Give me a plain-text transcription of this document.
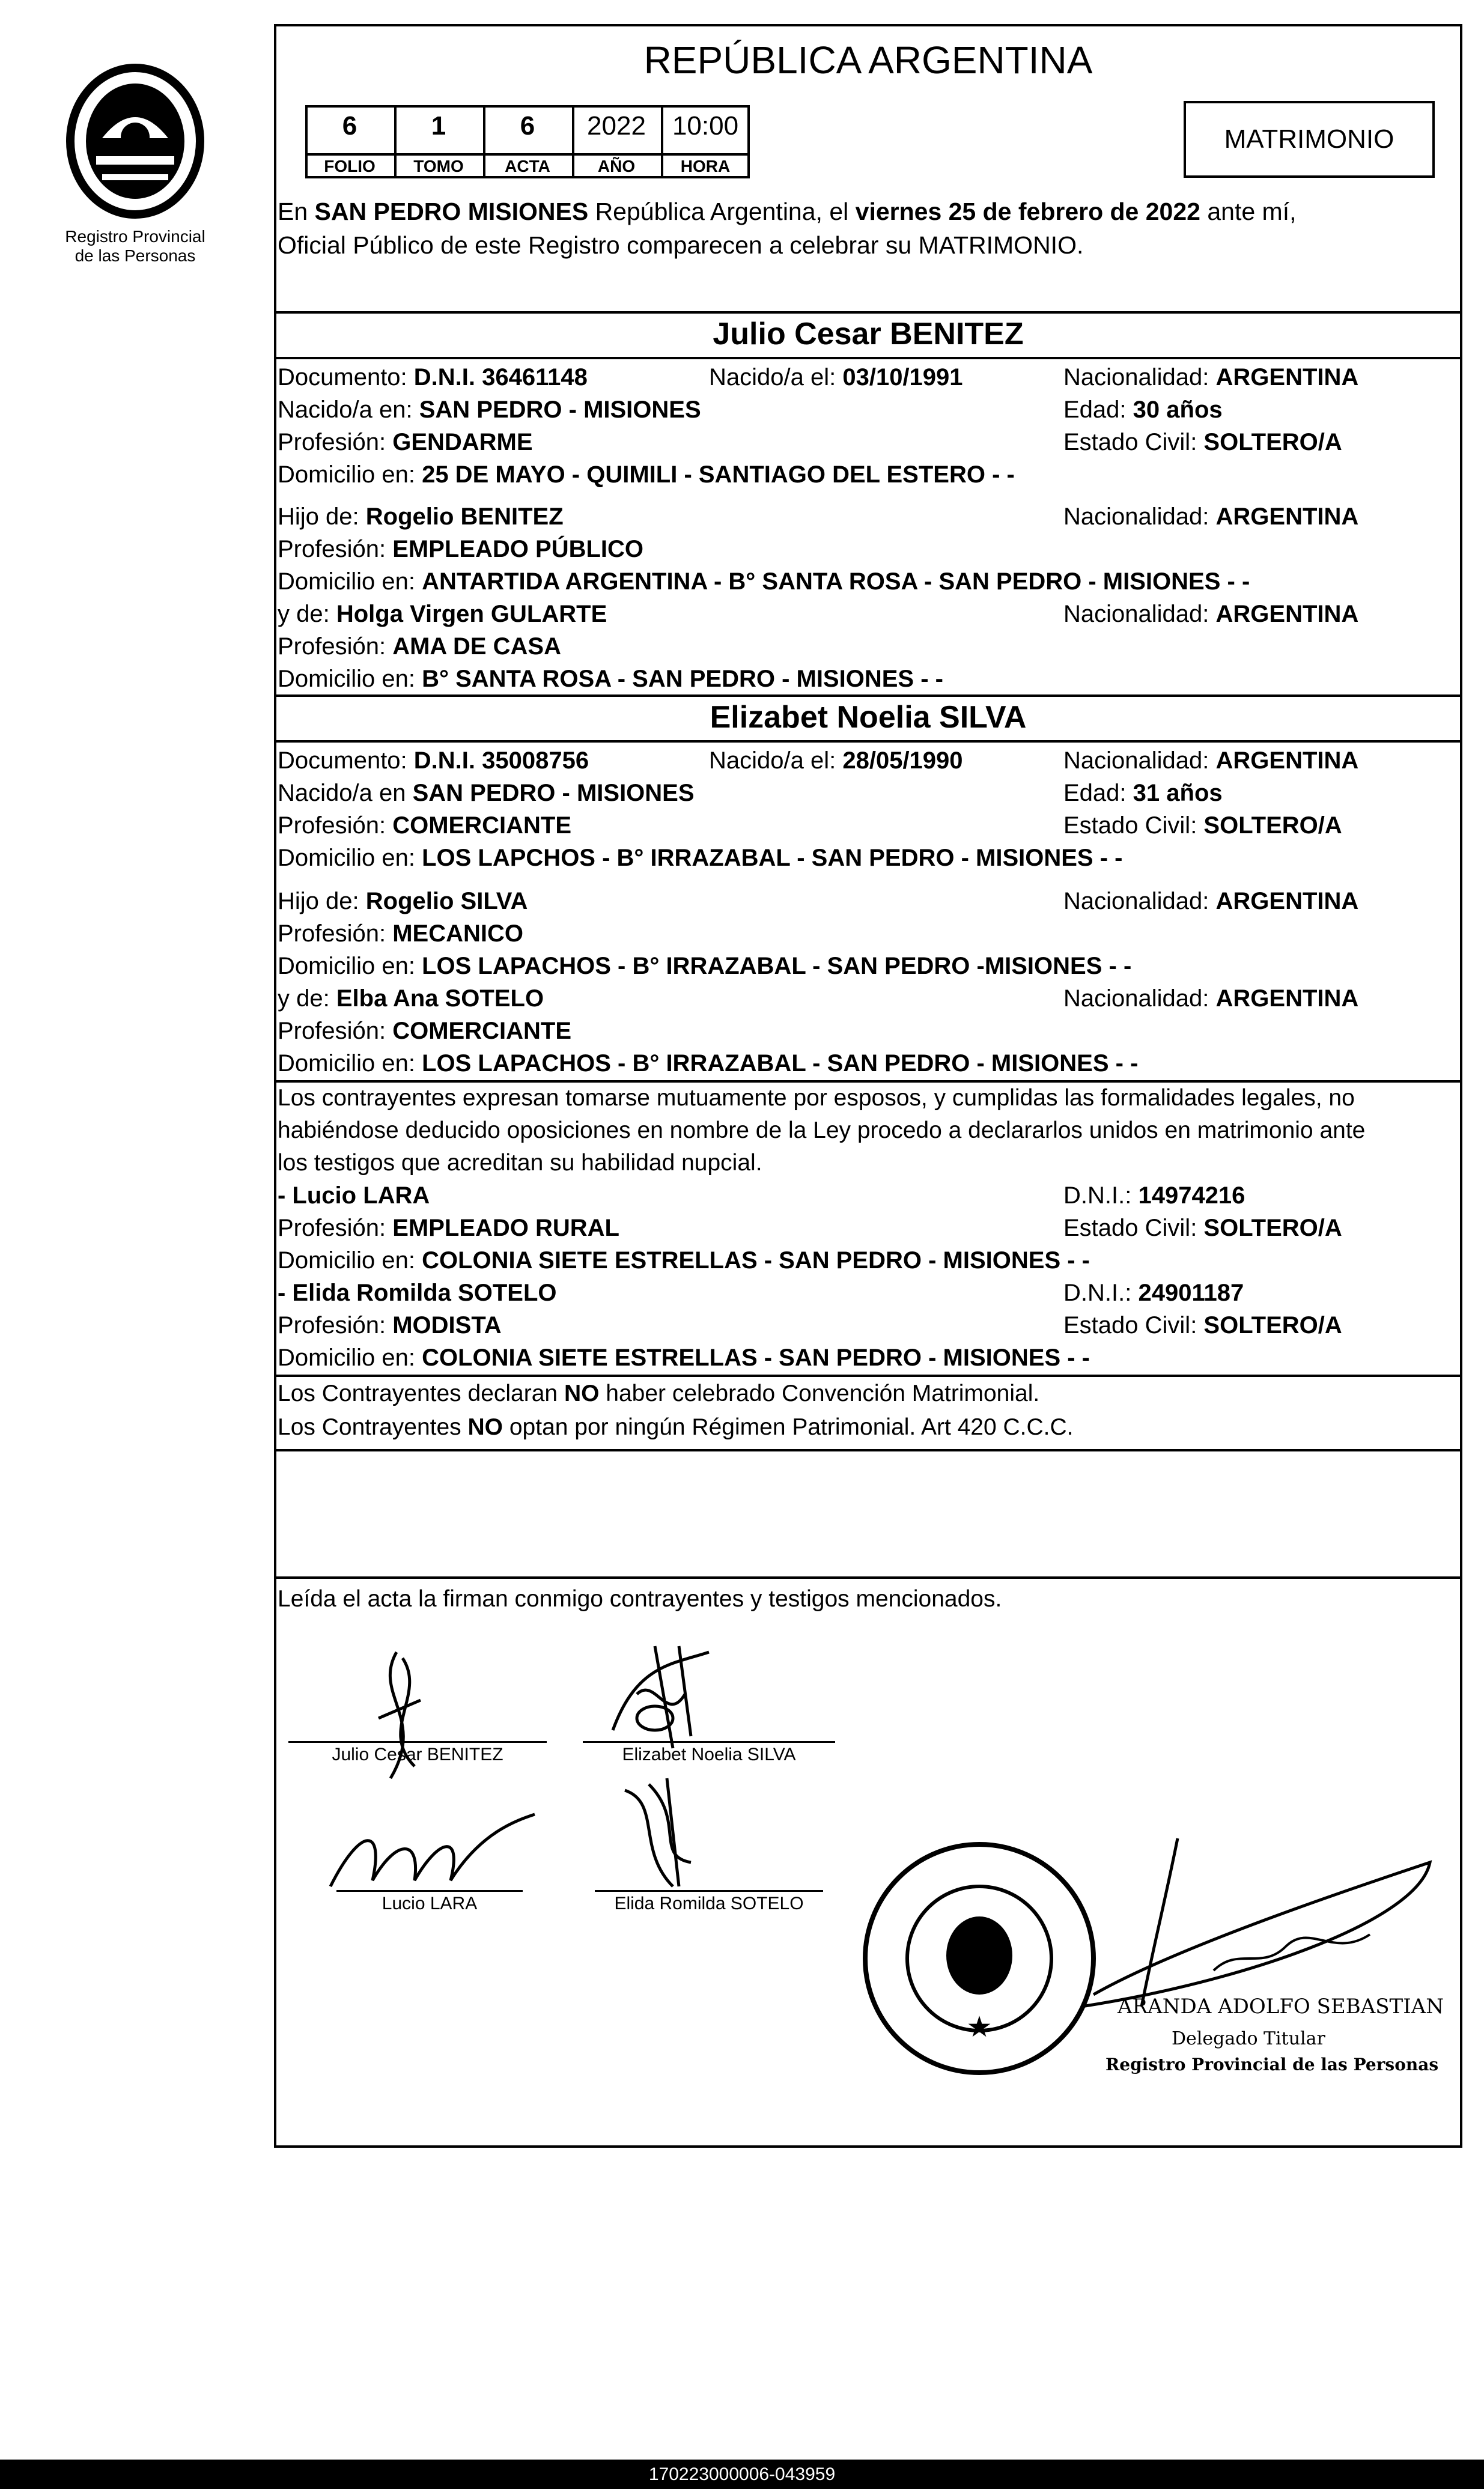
Registro Provincial
de las Personas
REPÚBLICA ARGENTINA
6	1	6	2022	10:00
FOLIO	TOMO	ACTA	AÑO	HORA
MATRIMONIO
En SAN PEDRO MISIONES República Argentina, el viernes 25 de febrero de 2022 ante mí,
Oficial Público de este Registro comparecen a celebrar su MATRIMONIO.
Julio Cesar BENITEZ
Documento: D.N.I. 36461148	Nacido/a el: 03/10/1991	Nacionalidad: ARGENTINA
Nacido/a en: SAN PEDRO - MISIONES	Edad: 30 años
Profesión: GENDARME	Estado Civil: SOLTERO/A
Domicilio en: 25 DE MAYO - QUIMILI - SANTIAGO DEL ESTERO - -
Hijo de: Rogelio BENITEZ	Nacionalidad: ARGENTINA
Profesión: EMPLEADO PÚBLICO
Domicilio en: ANTARTIDA ARGENTINA - B° SANTA ROSA - SAN PEDRO - MISIONES - -
y de: Holga Virgen GULARTE	Nacionalidad: ARGENTINA
Profesión: AMA DE CASA
Domicilio en: B° SANTA ROSA - SAN PEDRO - MISIONES - -
Elizabet Noelia SILVA
Documento: D.N.I. 35008756	Nacido/a el: 28/05/1990	Nacionalidad: ARGENTINA
Nacido/a en SAN PEDRO - MISIONES	Edad: 31 años
Profesión: COMERCIANTE	Estado Civil: SOLTERO/A
Domicilio en: LOS LAPCHOS - B° IRRAZABAL - SAN PEDRO - MISIONES - -
Hijo de: Rogelio SILVA	Nacionalidad: ARGENTINA
Profesión: MECANICO
Domicilio en: LOS LAPACHOS - B° IRRAZABAL - SAN PEDRO -MISIONES - -
y de: Elba Ana SOTELO	Nacionalidad: ARGENTINA
Profesión: COMERCIANTE
Domicilio en: LOS LAPACHOS - B° IRRAZABAL - SAN PEDRO - MISIONES - -
Los contrayentes expresan tomarse mutuamente por esposos, y cumplidas las formalidades legales, no
habiéndose deducido oposiciones en nombre de la Ley procedo a declararlos unidos en matrimonio ante
los testigos que acreditan su habilidad nupcial.
- Lucio LARA	D.N.I.: 14974216
Profesión: EMPLEADO RURAL	Estado Civil: SOLTERO/A
Domicilio en: COLONIA SIETE ESTRELLAS - SAN PEDRO - MISIONES - -
- Elida Romilda SOTELO	D.N.I.: 24901187
Profesión: MODISTA	Estado Civil: SOLTERO/A
Domicilio en: COLONIA SIETE ESTRELLAS - SAN PEDRO - MISIONES - -
Los Contrayentes declaran NO haber celebrado Convención Matrimonial.
Los Contrayentes NO optan por ningún Régimen Patrimonial. Art 420 C.C.C.
Leída el acta la firman conmigo contrayentes y testigos mencionados.
Julio Cesar BENITEZ	Elizabet Noelia SILVA
Lucio LARA	Elida Romilda SOTELO
★
ARANDA ADOLFO SEBASTIAN
Delegado Titular
Registro Provincial de las Personas
170223000006-043959
